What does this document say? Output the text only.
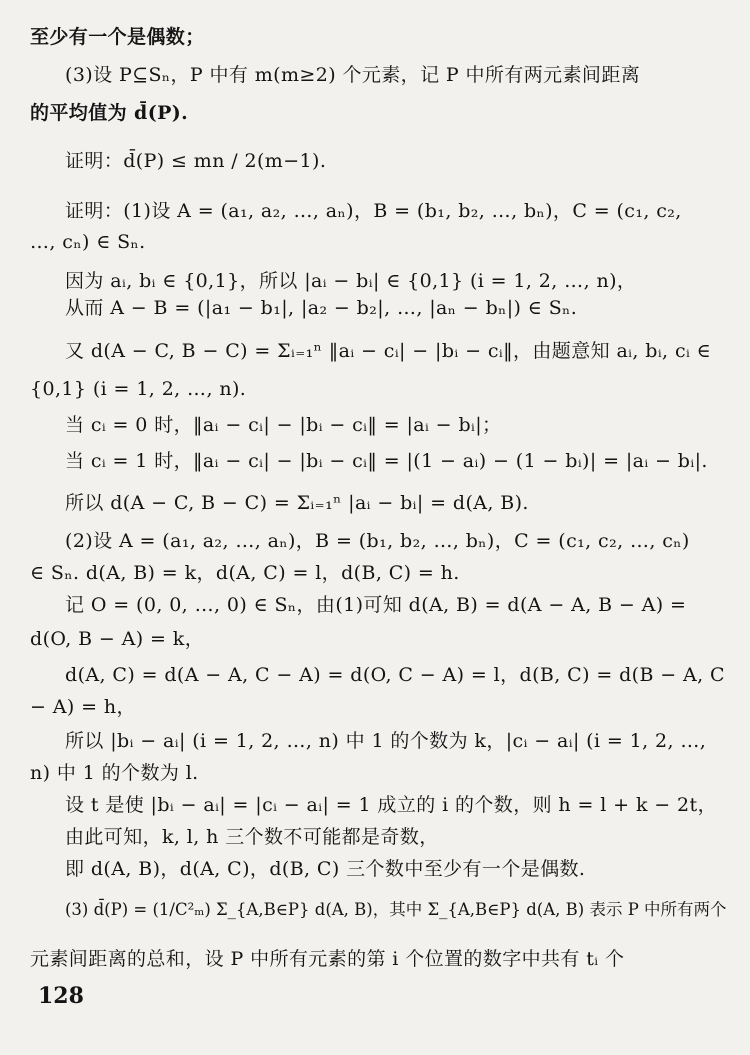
至少有一个是偶数；
(3)设 P⊆Sₙ，P 中有 m(m≥2) 个元素，记 P 中所有两元素间距离
的平均值为 d̄(P).
证明：d̄(P) ≤ mn / 2(m−1).
证明：(1)设 A = (a₁, a₂, …, aₙ)，B = (b₁, b₂, …, bₙ)，C = (c₁, c₂,
…, cₙ) ∈ Sₙ.
因为 aᵢ, bᵢ ∈ {0,1}，所以 |aᵢ − bᵢ| ∈ {0,1} (i = 1, 2, …, n)，
从而 A − B = (|a₁ − b₁|, |a₂ − b₂|, …, |aₙ − bₙ|) ∈ Sₙ.
又 d(A − C, B − C) = Σᵢ₌₁ⁿ ‖aᵢ − cᵢ| − |bᵢ − cᵢ‖，由题意知 aᵢ, bᵢ, cᵢ ∈
{0,1} (i = 1, 2, …, n).
当 cᵢ = 0 时，‖aᵢ − cᵢ| − |bᵢ − cᵢ‖ = |aᵢ − bᵢ|；
当 cᵢ = 1 时，‖aᵢ − cᵢ| − |bᵢ − cᵢ‖ = |(1 − aᵢ) − (1 − bᵢ)| = |aᵢ − bᵢ|.
所以 d(A − C, B − C) = Σᵢ₌₁ⁿ |aᵢ − bᵢ| = d(A, B).
(2)设 A = (a₁, a₂, …, aₙ)，B = (b₁, b₂, …, bₙ)，C = (c₁, c₂, …, cₙ)
∈ Sₙ. d(A, B) = k，d(A, C) = l，d(B, C) = h.
记 O = (0, 0, …, 0) ∈ Sₙ，由(1)可知 d(A, B) = d(A − A, B − A) =
d(O, B − A) = k，
d(A, C) = d(A − A, C − A) = d(O, C − A) = l，d(B, C) = d(B − A, C
− A) = h，
所以 |bᵢ − aᵢ| (i = 1, 2, …, n) 中 1 的个数为 k，|cᵢ − aᵢ| (i = 1, 2, …,
n) 中 1 的个数为 l.
设 t 是使 |bᵢ − aᵢ| = |cᵢ − aᵢ| = 1 成立的 i 的个数，则 h = l + k − 2t，
由此可知，k, l, h 三个数不可能都是奇数，
即 d(A, B)，d(A, C)，d(B, C) 三个数中至少有一个是偶数.
(3) d̄(P) = (1/C²ₘ) Σ_{A,B∈P} d(A, B)，其中 Σ_{A,B∈P} d(A, B) 表示 P 中所有两个
元素间距离的总和，设 P 中所有元素的第 i 个位置的数字中共有 tᵢ 个
128
